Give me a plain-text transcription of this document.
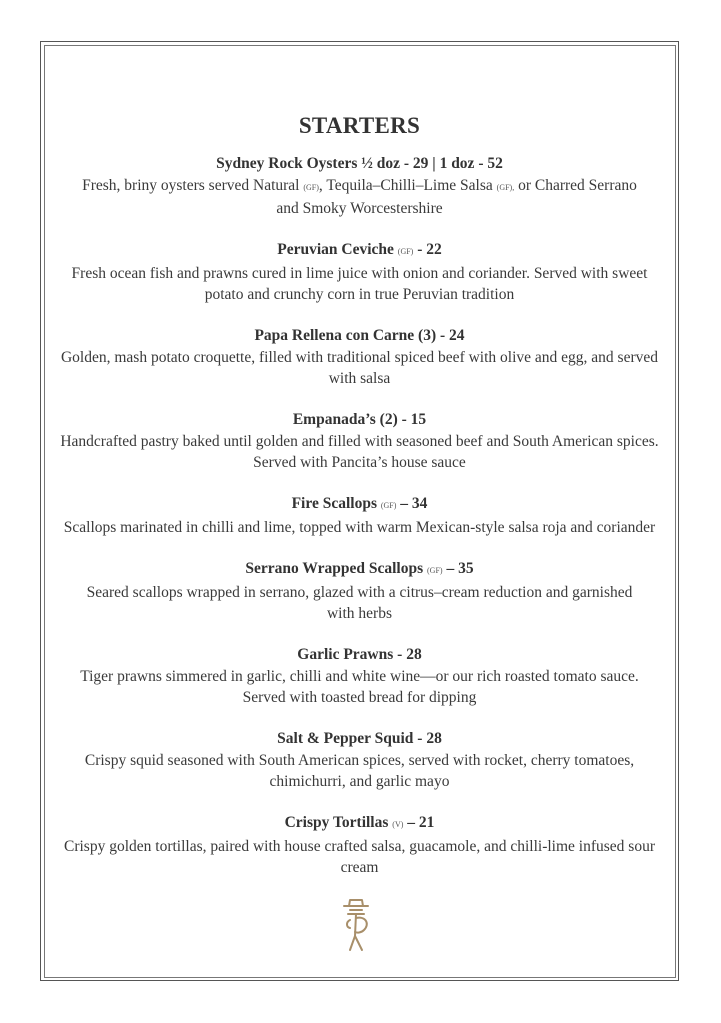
STARTERS
Sydney Rock Oysters ½ doz - 29 | 1 doz - 52
Fresh, briny oysters served Natural (GF), Tequila–Chilli–Lime Salsa (GF), or Charred Serrano and Smoky Worcestershire
Peruvian Ceviche (GF) - 22
Fresh ocean fish and prawns cured in lime juice with onion and coriander. Served with sweet potato and crunchy corn in true Peruvian tradition
Papa Rellena con Carne (3) - 24
Golden, mash potato croquette, filled with traditional spiced beef with olive and egg, and served with salsa
Empanada’s (2) - 15
Handcrafted pastry baked until golden and filled with seasoned beef and South American spices. Served with Pancita’s house sauce
Fire Scallops (GF) – 34
Scallops marinated in chilli and lime, topped with warm Mexican-style salsa roja and coriander
Serrano Wrapped Scallops (GF) – 35
Seared scallops wrapped in serrano, glazed with a citrus–cream reduction and garnished with herbs
Garlic Prawns - 28
Tiger prawns simmered in garlic, chilli and white wine—or our rich roasted tomato sauce. Served with toasted bread for dipping
Salt & Pepper Squid - 28
Crispy squid seasoned with South American spices, served with rocket, cherry tomatoes, chimichurri, and garlic mayo
Crispy Tortillas (V) – 21
Crispy golden tortillas, paired with house crafted salsa, guacamole, and chilli-lime infused sour cream
